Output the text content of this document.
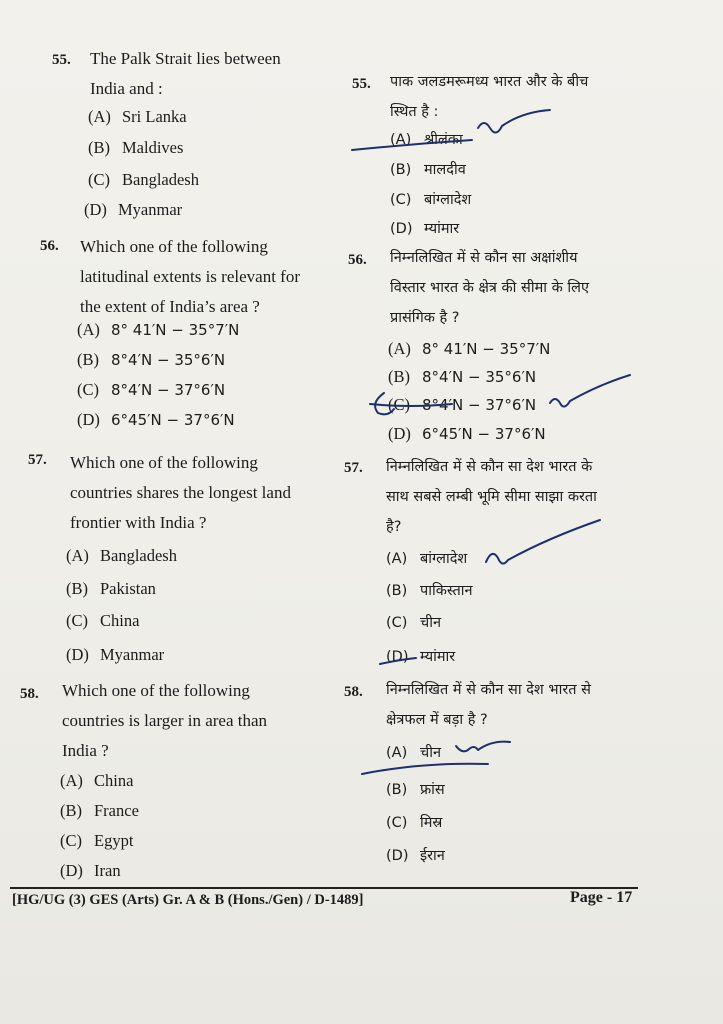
55. The Palk Strait lies between
India and :
(A) Sri Lanka
(B) Maldives
(C) Bangladesh
(D) Myanmar
56. Which one of the following
latitudinal extents is relevant for
the extent of India’s area ?
(A) 8° 41′N − 35°7′N
(B) 8°4′N − 35°6′N
(C) 8°4′N − 37°6′N
(D) 6°45′N − 37°6′N
57. Which one of the following
countries shares the longest land
frontier with India ?
(A) Bangladesh
(B) Pakistan
(C) China
(D) Myanmar
58. Which one of the following
countries is larger in area than
India ?
(A) China
(B) France
(C) Egypt
(D) Iran
55. पाक जलडमरूमध्य भारत और के बीच
स्थित है :
(A) श्रीलंका
(B) मालदीव
(C) बांग्लादेश
(D) म्यांमार
56. निम्नलिखित में से कौन सा अक्षांशीय
विस्तार भारत के क्षेत्र की सीमा के लिए
प्रासंगिक है ?
(A) 8° 41′N − 35°7′N
(B) 8°4′N − 35°6′N
(C) 8°4′N − 37°6′N
(D) 6°45′N − 37°6′N
57. निम्नलिखित में से कौन सा देश भारत के
साथ सबसे लम्बी भूमि सीमा साझा करता
है?
(A) बांग्लादेश
(B) पाकिस्तान
(C) चीन
(D) म्यांमार
58. निम्नलिखित में से कौन सा देश भारत से
क्षेत्रफल में बड़ा है ?
(A) चीन
(B) फ्रांस
(C) मिस्र
(D) ईरान
[HG/UG (3) GES (Arts) Gr. A & B (Hons./Gen) / D-1489]	Page - 17
